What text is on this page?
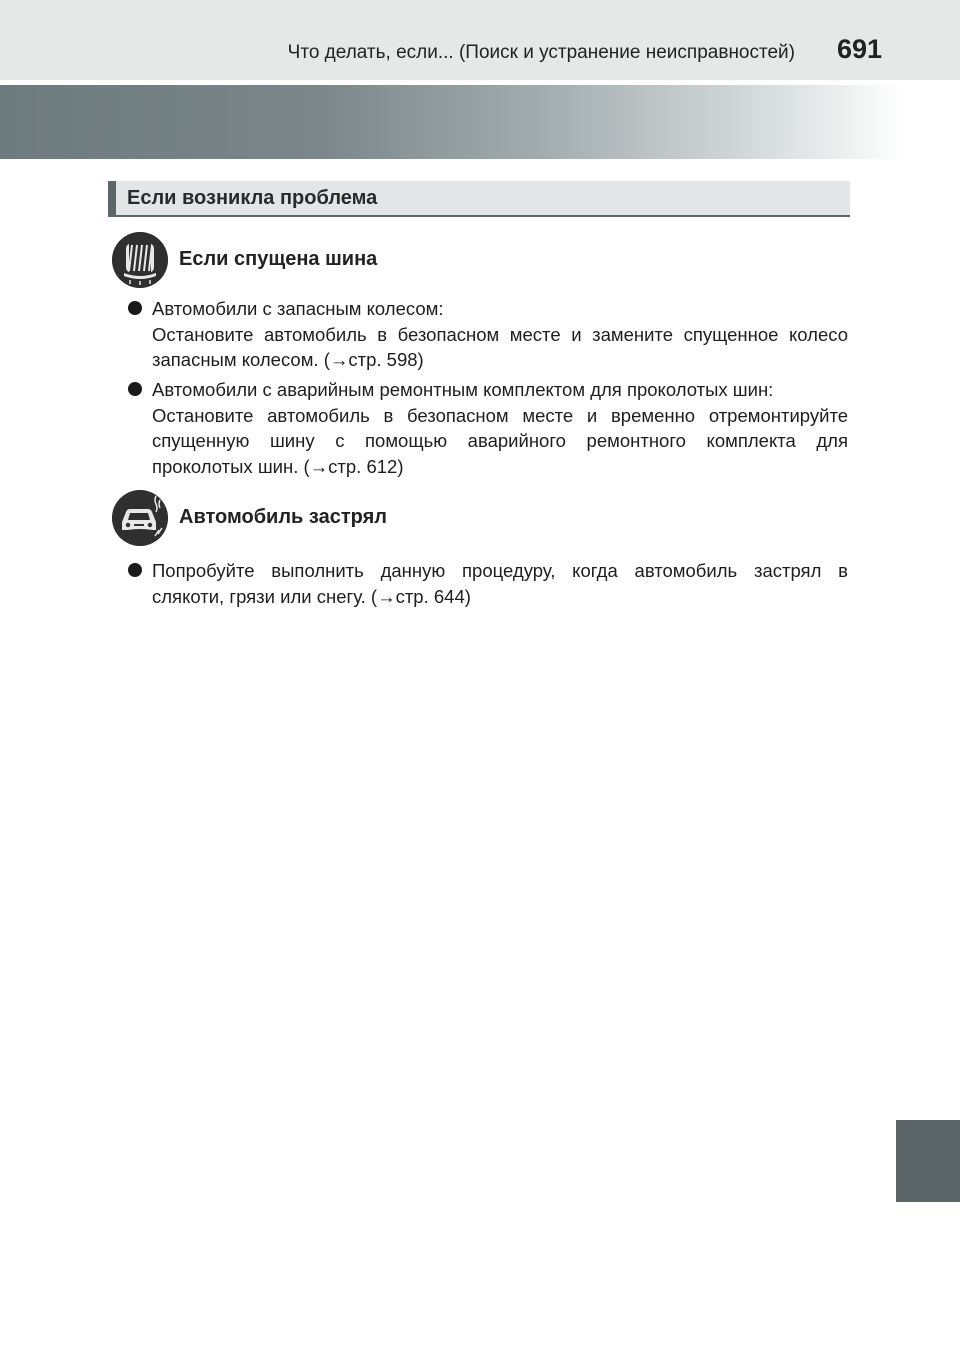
Что делать, если... (Поиск и устранение неисправностей) 691
Если возникла проблема
Если спущена шина
Автомобили с запасным колесом:
Остановите автомобиль в безопасном месте и замените спущенное колесо
запасным колесом. (→стр. 598)
Автомобили с аварийным ремонтным комплектом для проколотых шин:
Остановите автомобиль в безопасном месте и временно отремонтируйте
спущенную шину с помощью аварийного ремонтного комплекта для
проколотых шин. (→стр. 612)
Автомобиль застрял
Попробуйте выполнить данную процедуру, когда автомобиль застрял в
слякоти, грязи или снегу. (→стр. 644)
